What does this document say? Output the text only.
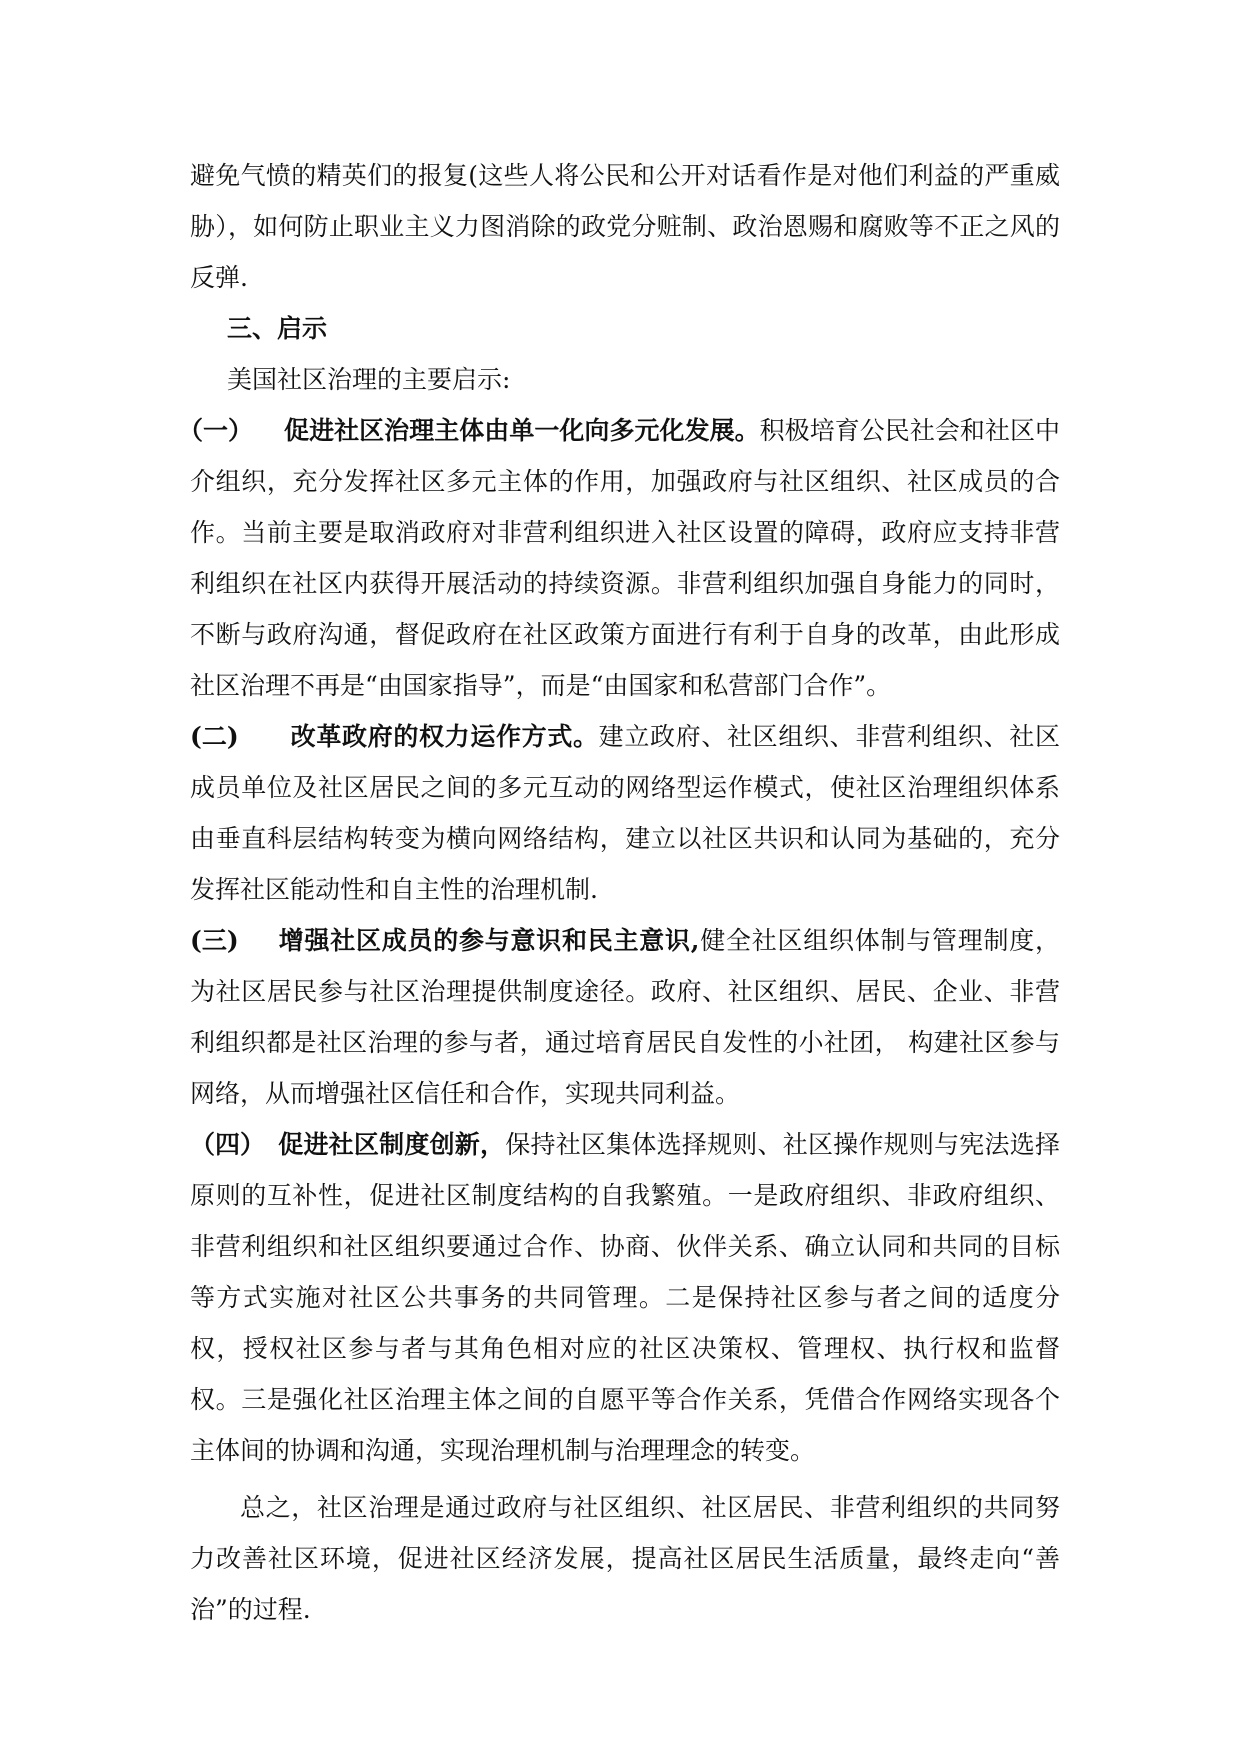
避免气愤的精英们的报复(这些人将公民和公开对话看作是对他们利益的严重威胁），如何防止职业主义力图消除的政党分赃制、政治恩赐和腐败等不正之风的反弹.

三、启示

美国社区治理的主要启示:

（一） 促进社区治理主体由单一化向多元化发展。积极培育公民社会和社区中介组织，充分发挥社区多元主体的作用，加强政府与社区组织、社区成员的合作。当前主要是取消政府对非营利组织进入社区设置的障碍，政府应支持非营利组织在社区内获得开展活动的持续资源。非营利组织加强自身能力的同时，不断与政府沟通，督促政府在社区政策方面进行有利于自身的改革，由此形成社区治理不再是“由国家指导”，而是“由国家和私营部门合作”。

(二) 改革政府的权力运作方式。建立政府、社区组织、非营利组织、社区成员单位及社区居民之间的多元互动的网络型运作模式，使社区治理组织体系由垂直科层结构转变为横向网络结构，建立以社区共识和认同为基础的，充分发挥社区能动性和自主性的治理机制.

(三) 增强社区成员的参与意识和民主意识,健全社区组织体制与管理制度，为社区居民参与社区治理提供制度途径。政府、社区组织、居民、企业、非营利组织都是社区治理的参与者，通过培育居民自发性的小社团， 构建社区参与网络，从而增强社区信任和合作，实现共同利益。

（四） 促进社区制度创新，保持社区集体选择规则、社区操作规则与宪法选择原则的互补性，促进社区制度结构的自我繁殖。一是政府组织、非政府组织、非营利组织和社区组织要通过合作、协商、伙伴关系、确立认同和共同的目标等方式实施对社区公共事务的共同管理。二是保持社区参与者之间的适度分权，授权社区参与者与其角色相对应的社区决策权、管理权、执行权和监督权。三是强化社区治理主体之间的自愿平等合作关系，凭借合作网络实现各个主体间的协调和沟通，实现治理机制与治理理念的转变。

总之，社区治理是通过政府与社区组织、社区居民、非营利组织的共同努力改善社区环境，促进社区经济发展，提高社区居民生活质量，最终走向“善治”的过程.
